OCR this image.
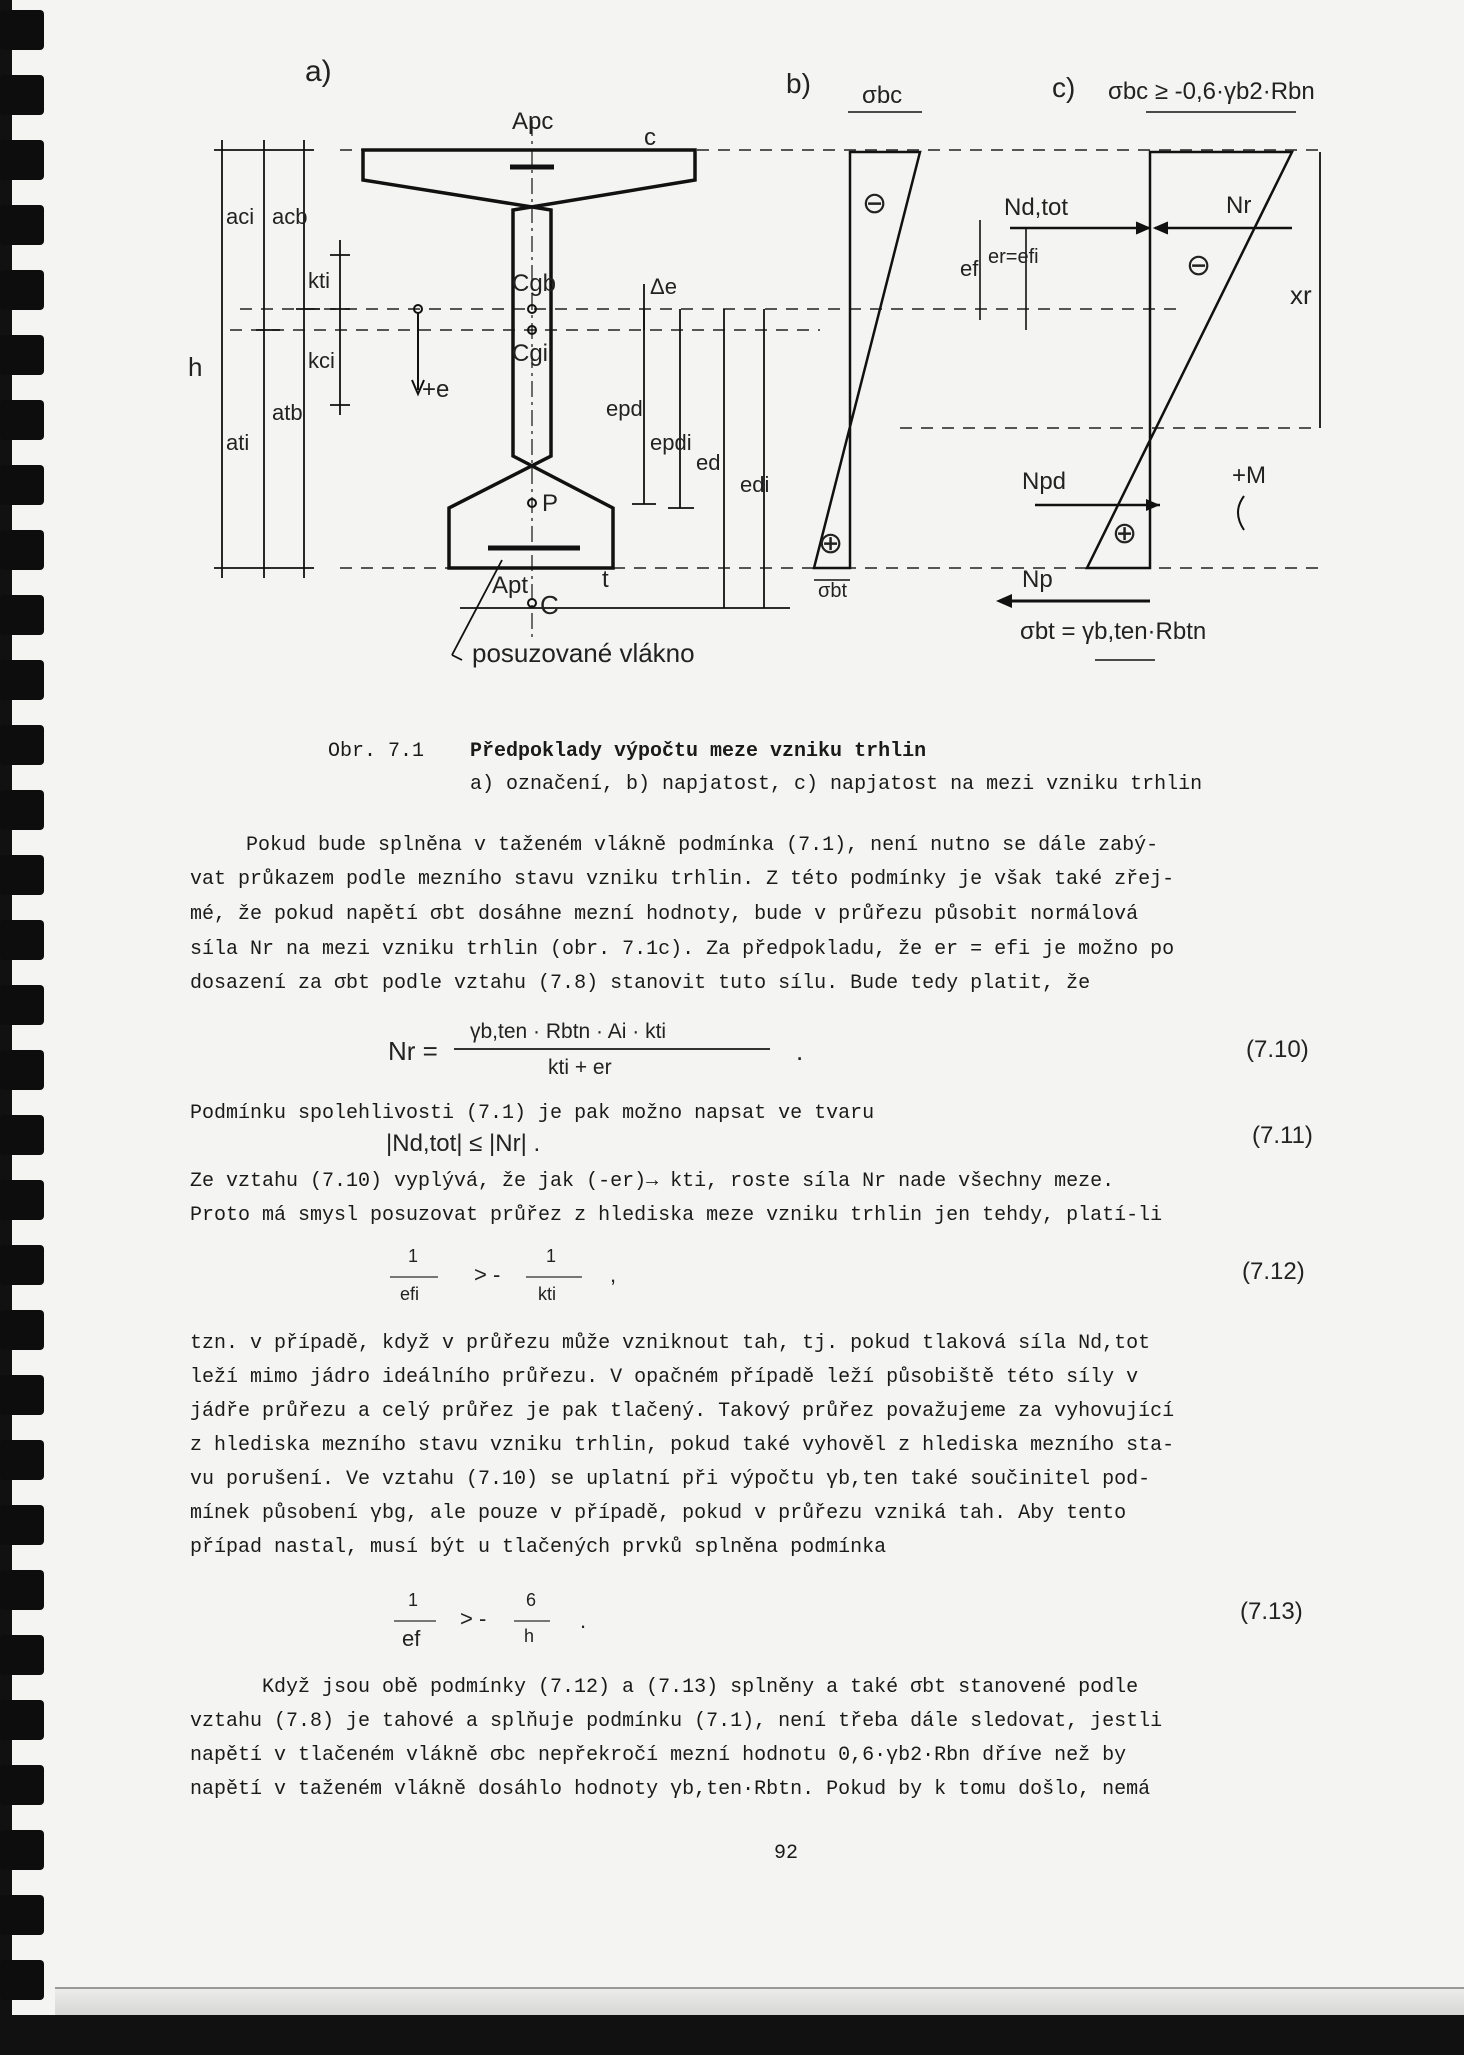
a)	b)	c)
σbc	σbc ≥ -0,6·γb2·Rbn
Apc
c
Cgb
Cgi
P
Apt
C
t
+e
h
aci acb
kti
kci
ati
atb
Δe
epd
epdi
ed
edi
⊖
⊕
σbt
Nd,tot	Nr
ef er=efi	⊖
xr
Npd
⊕
+M
Np
σbt = γb,ten·Rbtn
posuzované vlákno
Obr. 7.1 Předpoklady výpočtu meze vzniku trhlin
a) označení, b) napjatost, c) napjatost na mezi vzniku trhlin
Pokud bude splněna v taženém vlákně podmínka (7.1), není nutno se dále zabý-
vat průkazem podle mezního stavu vzniku trhlin. Z této podmínky je však také zřej-
mé, že pokud napětí σbt dosáhne mezní hodnoty, bude v průřezu působit normálová
síla Nr na mezi vzniku trhlin (obr. 7.1c). Za předpokladu, že er = efi je možno po
dosazení za σbt podle vztahu (7.8) stanovit tuto sílu. Bude tedy platit, že
Nr =
γb,ten · Rbtn · Ai · kti
kti + er
.	(7.10)
Podmínku spolehlivosti (7.1) je pak možno napsat ve tvaru
|Nd,tot| ≤ |Nr| .	(7.11)
Ze vztahu (7.10) vyplývá, že jak (-er)→ kti, roste síla Nr nade všechny meze.
Proto má smysl posuzovat průřez z hlediska meze vzniku trhlin jen tehdy, platí-li
1
efi
> -
1
kti
,	(7.12)
tzn. v případě, když v průřezu může vzniknout tah, tj. pokud tlaková síla Nd,tot
leží mimo jádro ideálního průřezu. V opačném případě leží působiště této síly v
jádře průřezu a celý průřez je pak tlačený. Takový průřez považujeme za vyhovující
z hlediska mezního stavu vzniku trhlin, pokud také vyhověl z hlediska mezního sta-
vu porušení. Ve vztahu (7.10) se uplatní při výpočtu γb,ten také součinitel pod-
mínek působení γbg, ale pouze v případě, pokud v průřezu vzniká tah. Aby tento
případ nastal, musí být u tlačených prvků splněna podmínka
1
ef
> -
6
h
.	(7.13)
Když jsou obě podmínky (7.12) a (7.13) splněny a také σbt stanovené podle
vztahu (7.8) je tahové a splňuje podmínku (7.1), není třeba dále sledovat, jestli
napětí v tlačeném vlákně σbc nepřekročí mezní hodnotu 0,6·γb2·Rbn dříve než by
napětí v taženém vlákně dosáhlo hodnoty γb,ten·Rbtn. Pokud by k tomu došlo, nemá
92
